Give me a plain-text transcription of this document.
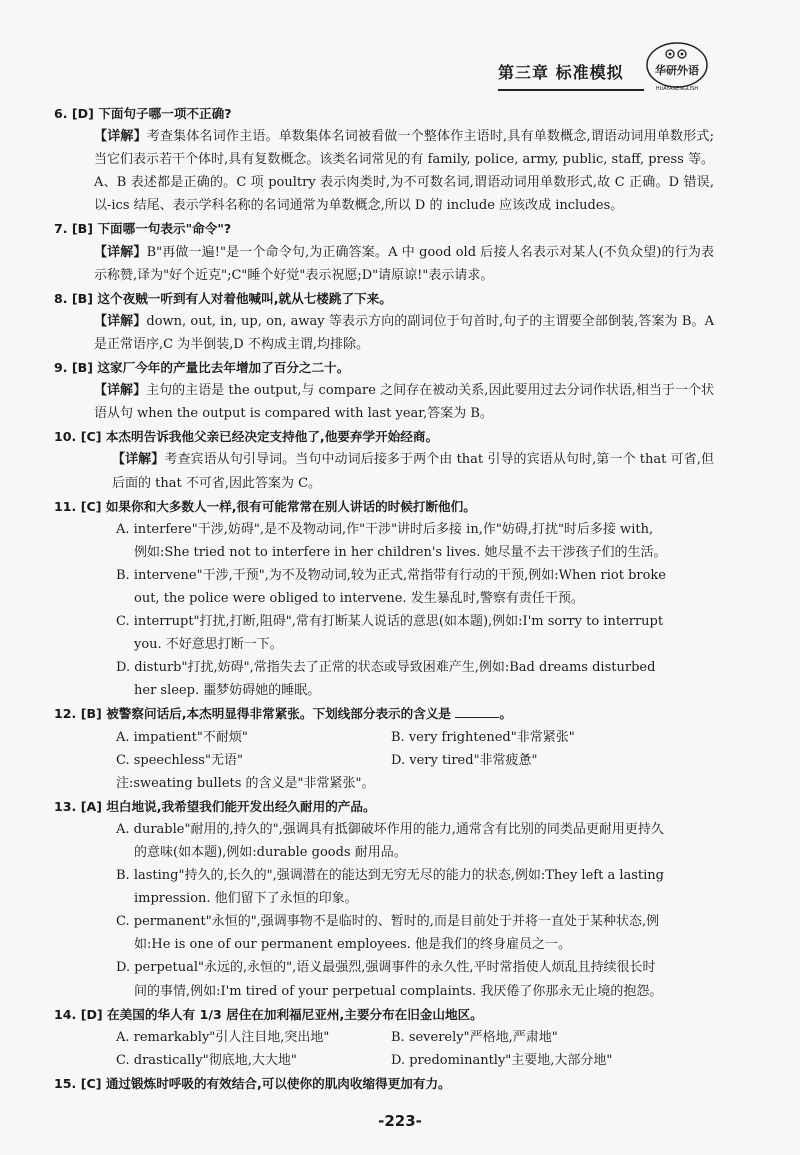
第三章 标准模拟	华研外语
HUAYANENGLISH
6. [D] 下面句子哪一项不正确?
【详解】考查集体名词作主语。单数集体名词被看做一个整体作主语时,具有单数概念,谓语动词用单数形式;当它们表示若干个体时,具有复数概念。该类名词常见的有 family, police, army, public, staff, press 等。A、B 表述都是正确的。C 项 poultry 表示肉类时,为不可数名词,谓语动词用单数形式,故 C 正确。D 错误,以-ics 结尾、表示学科名称的名词通常为单数概念,所以 D 的 include 应该改成 includes。
7. [B] 下面哪一句表示"命令"?
【详解】B"再做一遍!"是一个命令句,为正确答案。A 中 good old 后接人名表示对某人(不负众望)的行为表示称赞,译为"好个近克";C"睡个好觉"表示祝愿;D"请原谅!"表示请求。
8. [B] 这个夜贼一听到有人对着他喊叫,就从七楼跳了下来。
【详解】down, out, in, up, on, away 等表示方向的副词位于句首时,句子的主谓要全部倒装,答案为 B。A 是正常语序,C 为半倒装,D 不构成主谓,均排除。
9. [B] 这家厂今年的产量比去年增加了百分之二十。
【详解】主句的主语是 the output,与 compare 之间存在被动关系,因此要用过去分词作状语,相当于一个状语从句 when the output is compared with last year,答案为 B。
10. [C] 本杰明告诉我他父亲已经决定支持他了,他要弃学开始经商。
【详解】考查宾语从句引导词。当句中动词后接多于两个由 that 引导的宾语从句时,第一个 that 可省,但后面的 that 不可省,因此答案为 C。
11. [C] 如果你和大多数人一样,很有可能常常在别人讲话的时候打断他们。
A. interfere"干涉,妨碍",是不及物动词,作"干涉"讲时后多接 in,作"妨碍,打扰"时后多接 with,
例如:She tried not to interfere in her children's lives. 她尽量不去干涉孩子们的生活。
B. intervene"干涉,干预",为不及物动词,较为正式,常指带有行动的干预,例如:When riot broke
out, the police were obliged to intervene. 发生暴乱时,警察有责任干预。
C. interrupt"打扰,打断,阻碍",常有打断某人说话的意思(如本题),例如:I'm sorry to interrupt
you. 不好意思打断一下。
D. disturb"打扰,妨碍",常指失去了正常的状态或导致困难产生,例如:Bad dreams disturbed
her sleep. 噩梦妨碍她的睡眠。
12. [B] 被警察问话后,本杰明显得非常紧张。下划线部分表示的含义是	。
A. impatient"不耐烦"	B. very frightened"非常紧张"
C. speechless"无语"	D. very tired"非常疲惫"
注:sweating bullets 的含义是"非常紧张"。
13. [A] 坦白地说,我希望我们能开发出经久耐用的产品。
A. durable"耐用的,持久的",强调具有抵御破坏作用的能力,通常含有比别的同类品更耐用更持久
的意味(如本题),例如:durable goods 耐用品。
B. lasting"持久的,长久的",强调潜在的能达到无穷无尽的能力的状态,例如:They left a lasting
impression. 他们留下了永恒的印象。
C. permanent"永恒的",强调事物不是临时的、暂时的,而是目前处于并将一直处于某种状态,例
如:He is one of our permanent employees. 他是我们的终身雇员之一。
D. perpetual"永远的,永恒的",语义最强烈,强调事件的永久性,平时常指使人烦乱且持续很长时
间的事情,例如:I'm tired of your perpetual complaints. 我厌倦了你那永无止境的抱怨。
14. [D] 在美国的华人有 1/3 居住在加利福尼亚州,主要分布在旧金山地区。
A. remarkably"引人注目地,突出地"	B. severely"严格地,严肃地"
C. drastically"彻底地,大大地"	D. predominantly"主要地,大部分地"
15. [C] 通过锻炼时呼吸的有效结合,可以使你的肌肉收缩得更加有力。
-223-
